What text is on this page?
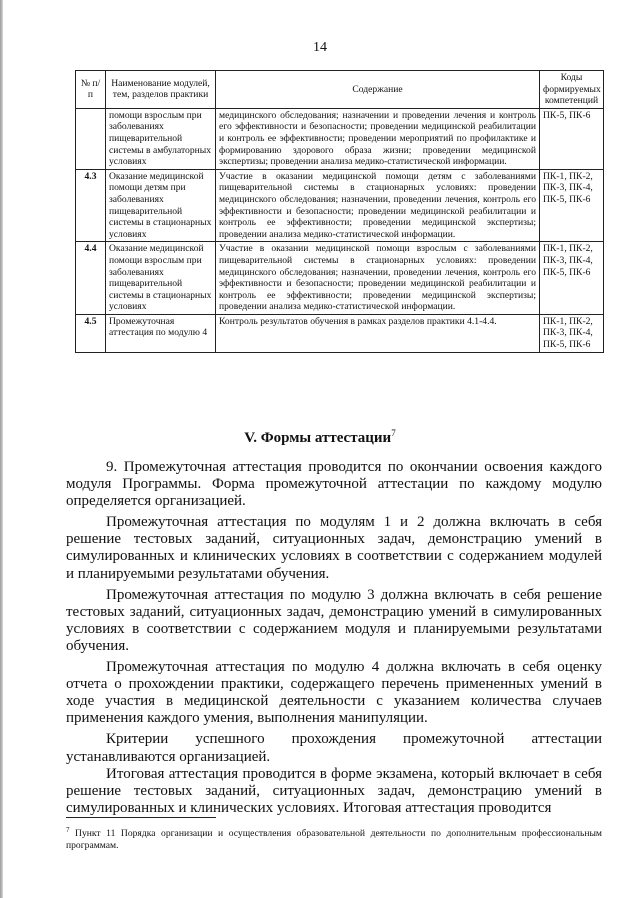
14
№ п/п	Наименование модулей, тем, разделов практики	Содержание	Коды формируемых компетенций
	помощи взрослым при заболеваниях пищеварительной системы в амбулаторных условиях	медицинского обследования; назначении и проведении лечения и контроль его эффективности и безопасности; проведении медицинской реабилитации и контроль ее эффективности; проведении мероприятий по профилактике и формированию здорового образа жизни; проведении медицинской экспертизы; проведении анализа медико-статистической информации.	ПК-5, ПК-6
4.3	Оказание медицинской помощи детям при заболеваниях пищеварительной системы в стационарных условиях	Участие в оказании медицинской помощи детям с заболеваниями пищеварительной системы в стационарных условиях: проведении медицинского обследования; назначении, проведении лечения, контроль его эффективности и безопасности; проведении медицинской реабилитации и контроль ее эффективности; проведении медицинской экспертизы; проведении анализа медико-статистической информации.	ПК-1, ПК-2, ПК-3, ПК-4, ПК-5, ПК-6
4.4	Оказание медицинской помощи взрослым при заболеваниях пищеварительной системы в стационарных условиях	Участие в оказании медицинской помощи взрослым с заболеваниями пищеварительной системы в стационарных условиях: проведении медицинского обследования; назначении, проведении лечения, контроль его эффективности и безопасности; проведении медицинской реабилитации и контроль ее эффективности; проведении медицинской экспертизы; проведении анализа медико-статистической информации.	ПК-1, ПК-2, ПК-3, ПК-4, ПК-5, ПК-6
4.5	Промежуточная аттестация по модулю 4	Контроль результатов обучения в рамках разделов практики 4.1-4.4.	ПК-1, ПК-2, ПК-3, ПК-4, ПК-5, ПК-6
V. Формы аттестации$^7$

9. Промежуточная аттестация проводится по окончании освоения каждого модуля Программы. Форма промежуточной аттестации по каждому модулю определяется организацией.

Промежуточная аттестация по модулям 1 и 2 должна включать в себя решение тестовых заданий, ситуационных задач, демонстрацию умений в симулированных и клинических условиях в соответствии с содержанием модулей и планируемыми результатами обучения.

Промежуточная аттестация по модулю 3 должна включать в себя решение тестовых заданий, ситуационных задач, демонстрацию умений в симулированных условиях в соответствии с содержанием модуля и планируемыми результатами обучения.

Промежуточная аттестация по модулю 4 должна включать в себя оценку отчета о прохождении практики, содержащего перечень примененных умений в ходе участия в медицинской деятельности с указанием количества случаев применения каждого умения, выполнения манипуляции.

Критерии успешного прохождения промежуточной аттестации устанавливаются организацией.

Итоговая аттестация проводится в форме экзамена, который включает в себя решение тестовых заданий, ситуационных задач, демонстрацию умений в симулированных и клинических условиях. Итоговая аттестация проводится

$^7$ Пункт 11 Порядка организации и осуществления образовательной деятельности по дополнительным профессиональным программам.
